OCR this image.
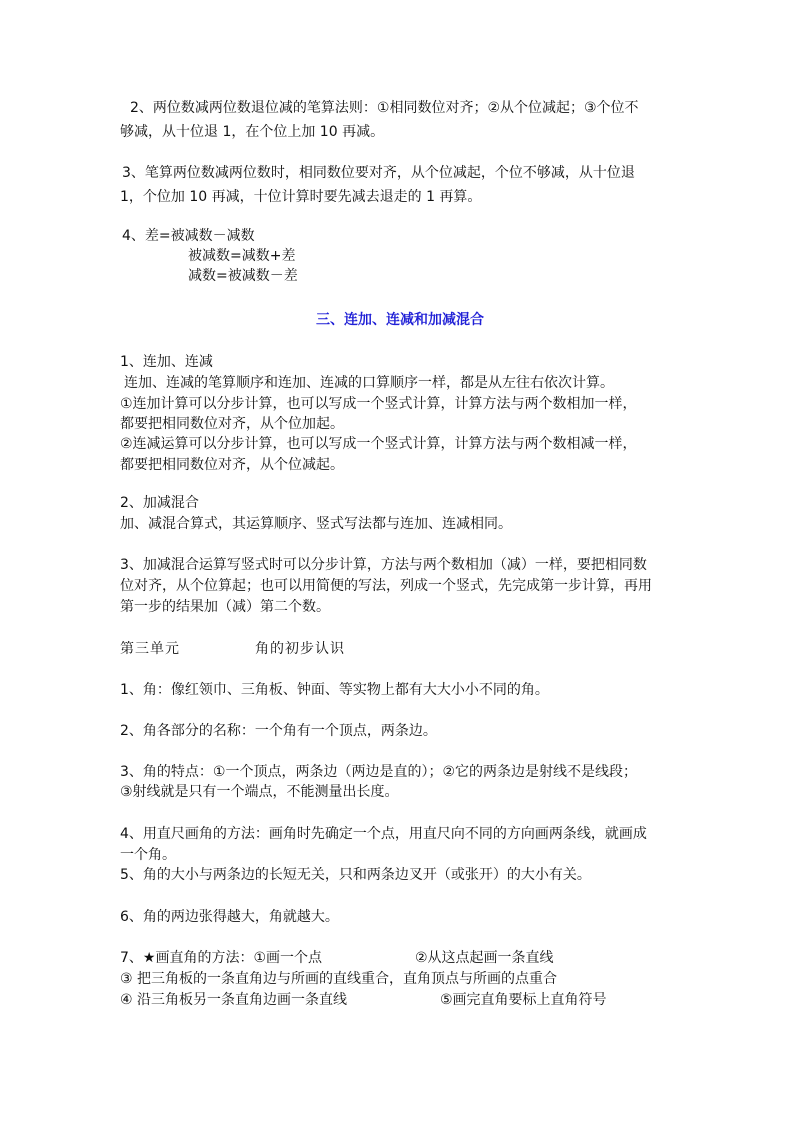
2、两位数减两位数退位减的笔算法则：①相同数位对齐；②从个位减起；③个位不
够减，从十位退 1，在个位上加 10 再减。
3、笔算两位数减两位数时，相同数位要对齐，从个位减起，个位不够减，从十位退
1，个位加 10 再减，十位计算时要先减去退走的 1 再算。
4、差=被减数－减数
被减数=减数+差
减数=被减数－差
三、连加、连减和加减混合
1、连加、连减
连加、连减的笔算顺序和连加、连减的口算顺序一样，都是从左往右依次计算。
①连加计算可以分步计算，也可以写成一个竖式计算，计算方法与两个数相加一样，
都要把相同数位对齐，从个位加起。
②连减运算可以分步计算，也可以写成一个竖式计算，计算方法与两个数相减一样，
都要把相同数位对齐，从个位减起。
2、加减混合
加、减混合算式，其运算顺序、竖式写法都与连加、连减相同。
3、加减混合运算写竖式时可以分步计算，方法与两个数相加（减）一样，要把相同数
位对齐，从个位算起；也可以用简便的写法，列成一个竖式，先完成第一步计算，再用
第一步的结果加（减）第二个数。
第三单元	角的初步认识
1、角：像红领巾、三角板、钟面、等实物上都有大大小小不同的角。
2、角各部分的名称：一个角有一个顶点，两条边。
3、角的特点：①一个顶点，两条边（两边是直的）；②它的两条边是射线不是线段；
③射线就是只有一个端点，不能测量出长度。
4、用直尺画角的方法：画角时先确定一个点，用直尺向不同的方向画两条线，就画成
一个角。
5、角的大小与两条边的长短无关，只和两条边叉开（或张开）的大小有关。
6、角的两边张得越大，角就越大。
7、★画直角的方法：①画一个点	②从这点起画一条直线
③ 把三角板的一条直角边与所画的直线重合，直角顶点与所画的点重合
④ 沿三角板另一条直角边画一条直线	⑤画完直角要标上直角符号
